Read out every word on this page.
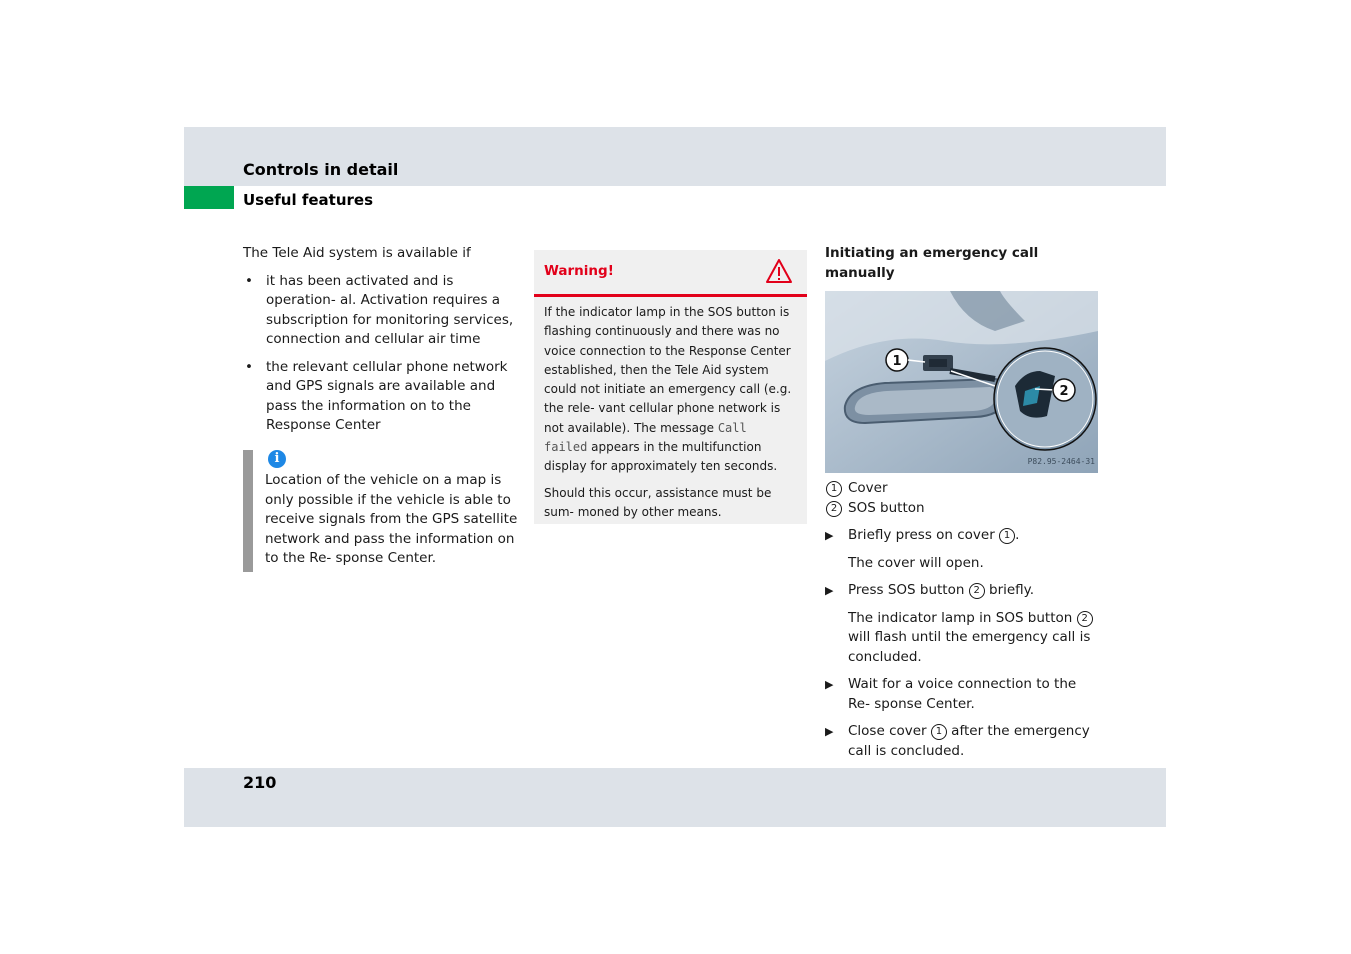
Controls in detail
Useful features

The Tele Aid system is available if

• it has been activated and is operation- al. Activation requires a subscription for monitoring services, connection and cellular air time
• the relevant cellular phone network and GPS signals are available and pass the information on to the Response Center
i
Location of the vehicle on a map is only possible if the vehicle is able to receive signals from the GPS satellite network and pass the information on to the Re- sponse Center.
Warning!

If the indicator lamp in the SOS button is flashing continuously and there was no voice connection to the Response Center established, then the Tele Aid system could not initiate an emergency call (e.g. the rele- vant cellular phone network is not available). The message Call failed appears in the multifunction display for approximately ten seconds.

Should this occur, assistance must be sum- moned by other means.

Initiating an emergency call manually
1
2
P82.95-2464-31
1 Cover
2 SOS button
▶ Briefly press on cover 1 .
The cover will open.
▶ Press SOS button 2 briefly.
The indicator lamp in SOS button 2 will flash until the emergency call is concluded.
▶ Wait for a voice connection to the Re- sponse Center.
▶ Close cover 1 after the emergency call is concluded.
210
